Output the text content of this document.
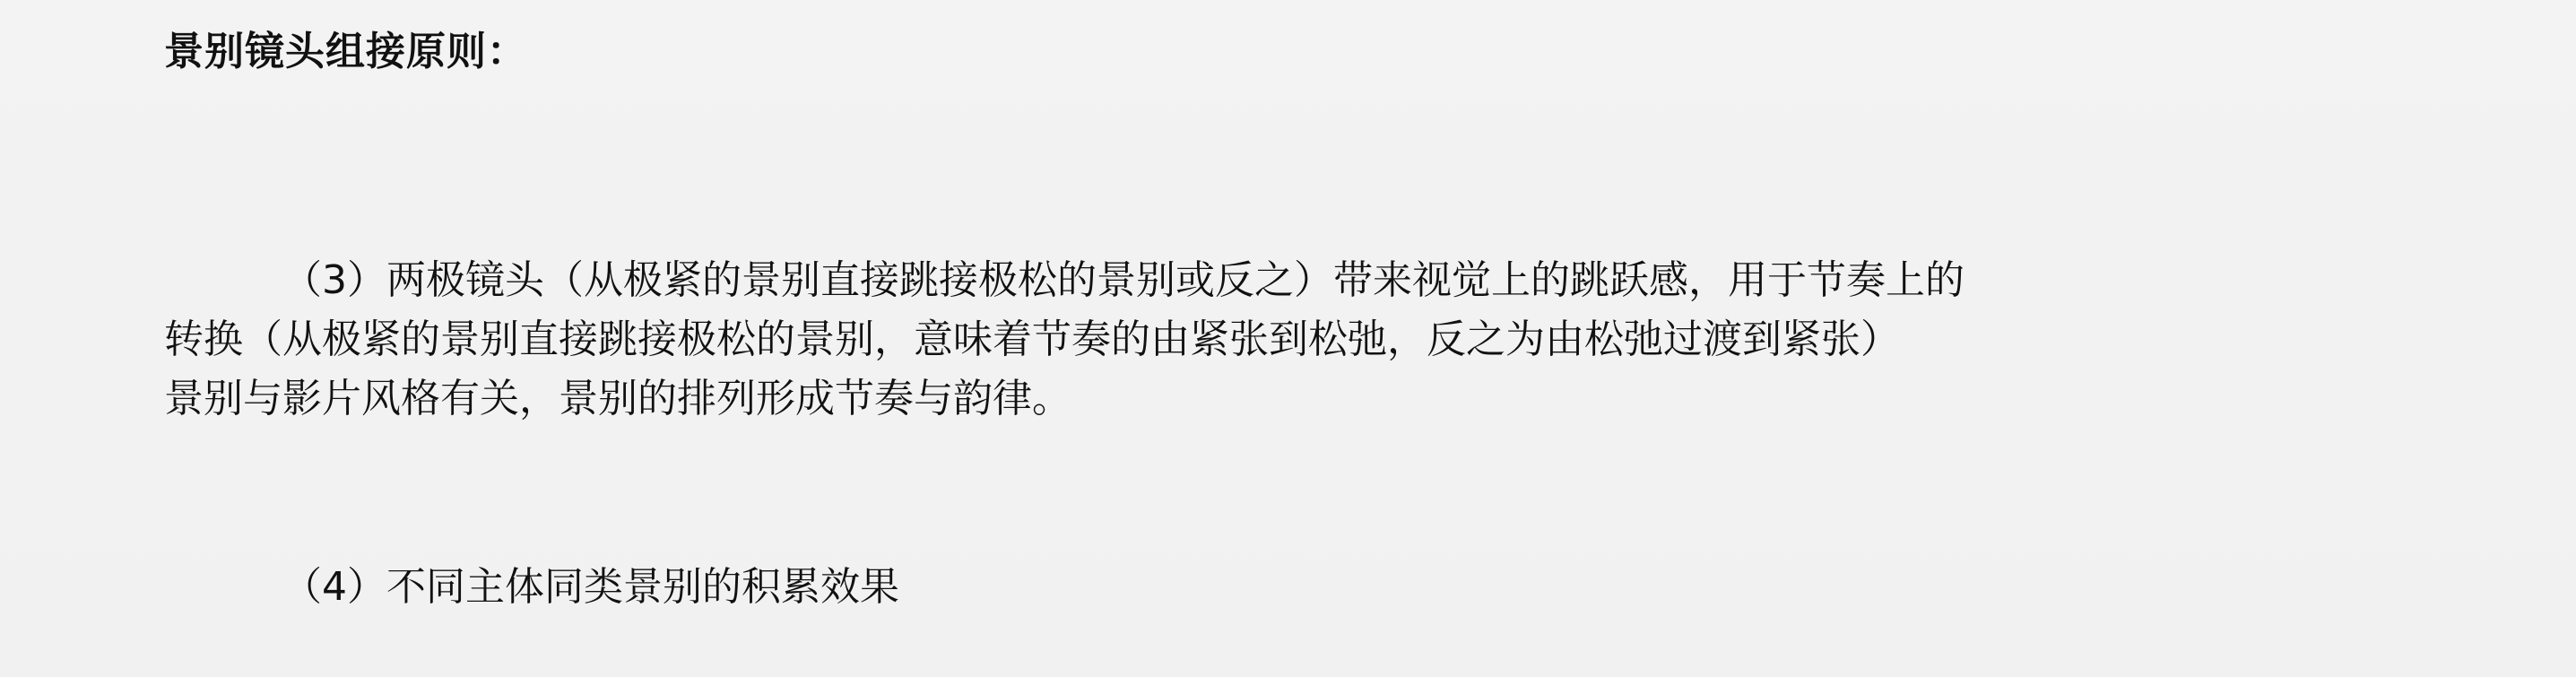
景别镜头组接原则：
（3）两极镜头（从极紧的景别直接跳接极松的景别或反之）带来视觉上的跳跃感，用于节奏上的
转换（从极紧的景别直接跳接极松的景别，意味着节奏的由紧张到松弛，反之为由松弛过渡到紧张）
景别与影片风格有关，景别的排列形成节奏与韵律。
（4）不同主体同类景别的积累效果
